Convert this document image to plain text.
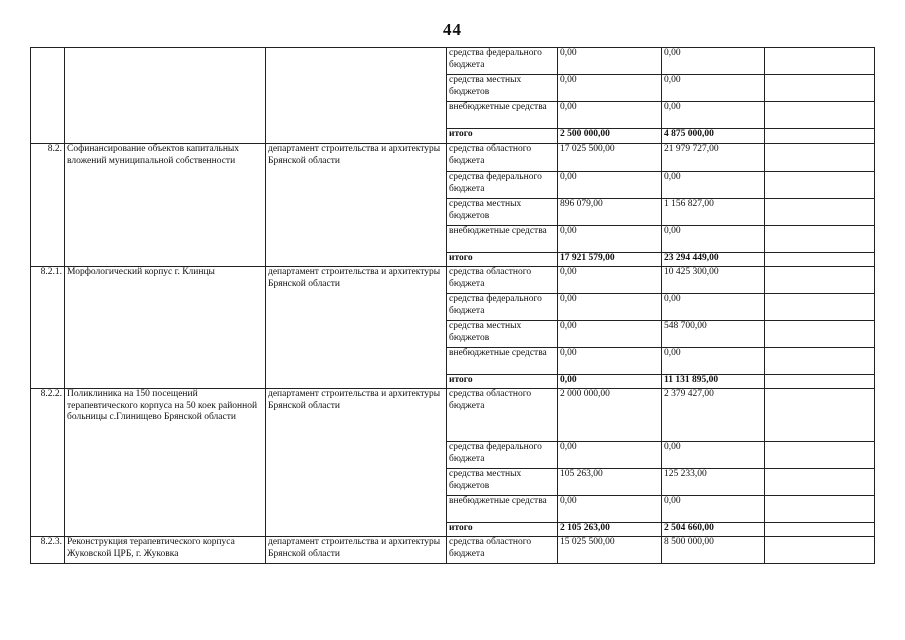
44
			средства федерального бюджета	0,00	0,00	
			средства местных бюджетов	0,00	0,00	
			внебюджетные средства	0,00	0,00	
			итого	2 500 000,00	4 875 000,00	
8.2.	Софинансирование объектов капитальных вложений муниципальной собственности	департамент строительства и архитектуры Брянской области	средства областного бюджета	17 025 500,00	21 979 727,00	
			средства федерального бюджета	0,00	0,00	
			средства местных бюджетов	896 079,00	1 156 827,00	
			внебюджетные средства	0,00	0,00	
			итого	17 921 579,00	23 294 449,00	
8.2.1.	Морфологический корпус г. Клинцы	департамент строительства и архитектуры Брянской области	средства областного бюджета	0,00	10 425 300,00	
			средства федерального бюджета	0,00	0,00	
			средства местных бюджетов	0,00	548 700,00	
			внебюджетные средства	0,00	0,00	
			итого	0,00	11 131 895,00	
8.2.2.	Поликлиника на 150 посещений терапевтического корпуса на 50 коек районной больницы с.Глинищево Брянской области	департамент строительства и архитектуры Брянской области	средства областного бюджета	2 000 000,00	2 379 427,00	
			средства федерального бюджета	0,00	0,00	
			средства местных бюджетов	105 263,00	125 233,00	
			внебюджетные средства	0,00	0,00	
			итого	2 105 263,00	2 504 660,00	
8.2.3.	Реконструкция терапевтического корпуса Жуковской ЦРБ, г. Жуковка	департамент строительства и архитектуры Брянской области	средства областного бюджета	15 025 500,00	8 500 000,00	
